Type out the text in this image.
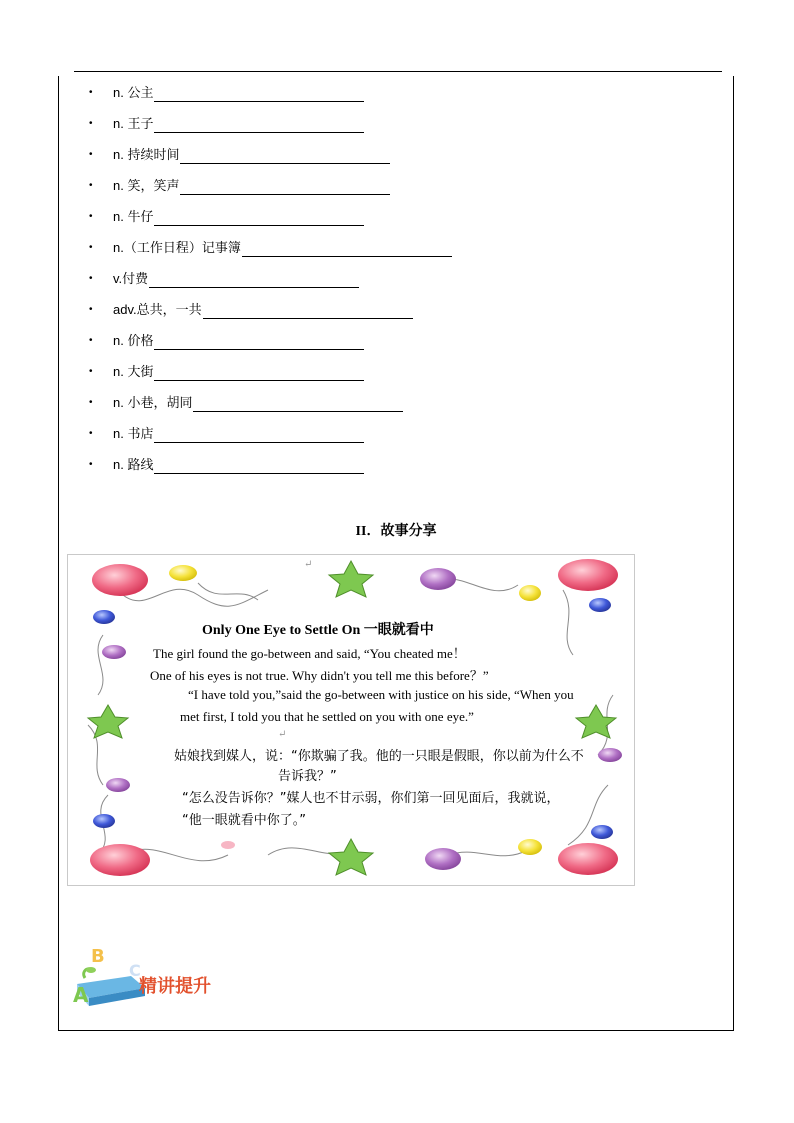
•	n. 公主
•	n. 王子
•	n. 持续时间
•	n. 笑，笑声
•	n. 牛仔
•	n.（工作日程）记事簿
•	v.付费
•	adv.总共，一共
•	n. 价格
•	n. 大街
•	n. 小巷，胡同
•	n. 书店
•	n. 路线
II．故事分享
↵
Only One Eye to Settle On 一眼就看中
The girl found the go-between and said, “You cheated me！
One of his eyes is not true. Why didn't you tell me this before？”
“I have told you,”said the go-between with justice on his side, “When you
met first, I told you that he settled on you with one eye.”
↵
姑娘找到媒人，说：“你欺骗了我。他的一只眼是假眼，你以前为什么不
告诉我？”
“怎么没告诉你？”媒人也不甘示弱，你们第一回见面后，我就说，
“他一眼就看中你了。”
B
C
A	精讲提升
